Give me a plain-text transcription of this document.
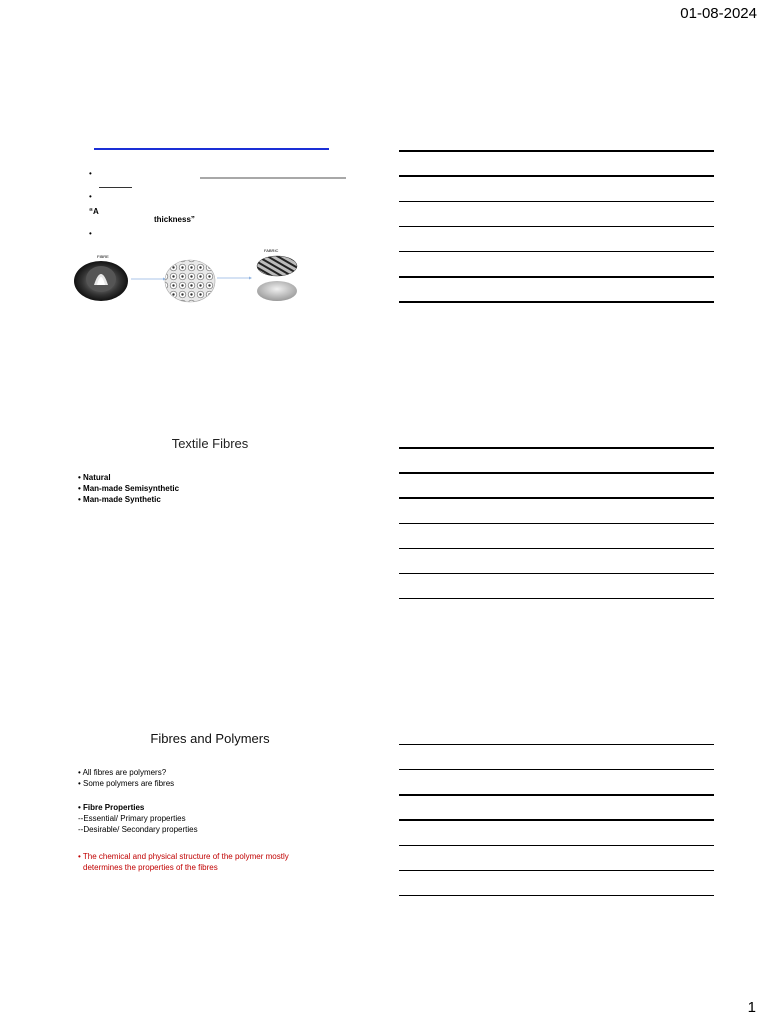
01-08-2024
1
•
•
“A
thickness”
•
FIBRE
FABRIC
Textile Fibres
• Natural
• Man-made Semisynthetic
• Man-made Synthetic
Fibres and Polymers
• All fibres are polymers?
• Some polymers are fibres
• Fibre Properties
--Essential/ Primary properties
--Desirable/ Secondary properties
• The chemical and physical structure of the polymer mostly
determines the properties of the fibres
